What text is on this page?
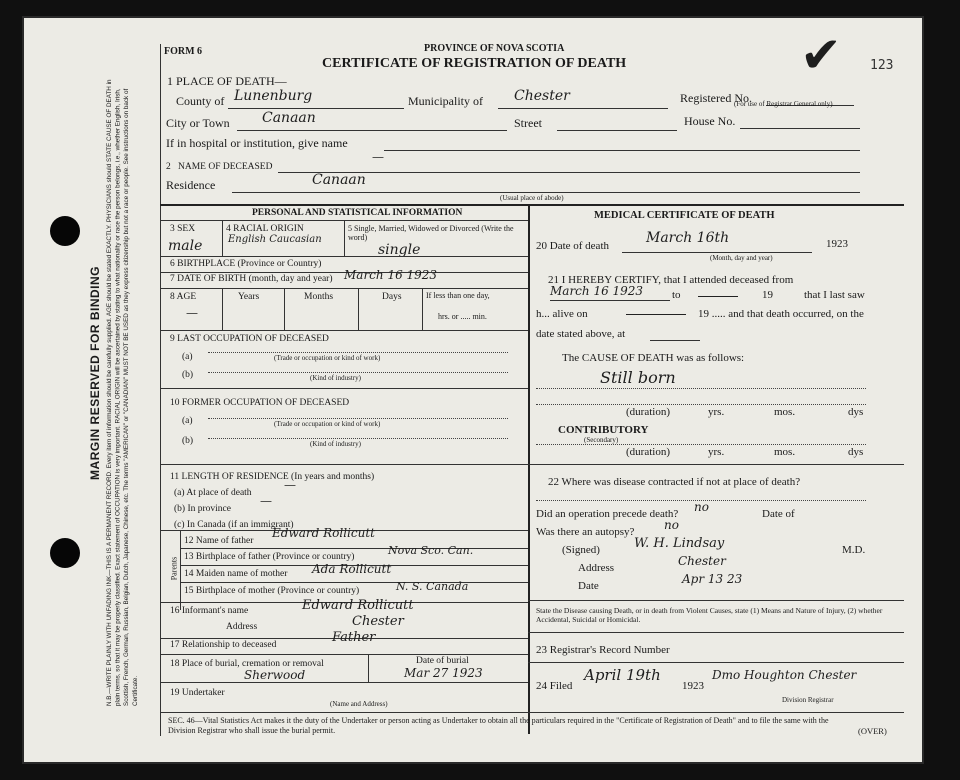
MARGIN RESERVED FOR BINDING N.B.—WRITE PLAINLY WITH UNFADING INK—THIS IS A PERMANENT RECORD. Every item of information should be carefully supplied. AGE should be stated EXACTLY. PHYSICIANS should STATE CAUSE OF DEATH in plain terms, so that it may be properly classified. Exact statement of OCCUPATION is very important. RACIAL ORIGIN will be ascertained by stating to what nationality or race the person belongs, i.e., whether English, Irish, Scottish, French, German, Russian, Belgian, Dutch, Japanese, Chinese, etc. The terms "AMERICAN" or "CANADIAN" MUST NOT BE USED as they express citizenship but not a race or people. See instructions on back of Certificate.
FORM 6	PROVINCE OF NOVA SCOTIA
CERTIFICATE OF REGISTRATION OF DEATH	✔ 123
1 PLACE OF DEATH—
County of Lunenburg	Municipality of Chester	Registered No.
(For use of Registrar General only)
City or Town Canaan	Street	House No.
If in hospital or institution, give name
—
2 NAME OF DECEASED
Residence	Canaan
(Usual place of abode)
PERSONAL AND STATISTICAL INFORMATION
3 SEX
male
4 RACIAL ORIGIN
English Caucasian
5 Single, Married, Widowed or Divorced (Write the word)
single
6 BIRTHPLACE (Province or Country)
7 DATE OF BIRTH (month, day and year) March 16 1923
8 AGE
—
Years	Months	Days	If less than one day,
hrs. or ..... min.
9 LAST OCCUPATION OF DECEASED
(a)	(Trade or occupation or kind of work)
(b)	(Kind of industry)
10 FORMER OCCUPATION OF DECEASED
(a)	(Trade or occupation or kind of work)
(b)	(Kind of industry)
11 LENGTH OF RESIDENCE (In years and months)
(a) At place of death
—
(b) In province
—
(c) In Canada (if an immigrant)
Parents
12 Name of father
Edward Rollicutt
13 Birthplace of father (Province or country)	Nova Sco. Can.
14 Maiden name of mother Ada Rollicutt
15 Birthplace of mother (Province or country)	N. S. Canada
16 Informant's name	Edward Rollicutt
Address	Chester
17 Relationship to deceased	Father
18 Place of burial, cremation or removal
Sherwood
Date of burial
Mar 27 1923
19 Undertaker
(Name and Address)
MEDICAL CERTIFICATE OF DEATH
20 Date of death	March 16th	1923
(Month, day and year)
21 I HEREBY CERTIFY, that I attended deceased from
March 16 1923	to	19	that I last saw
h... alive on	19 ..... and that death occurred, on the
date stated above, at
The CAUSE OF DEATH was as follows:
Still born
(duration)	yrs.	mos.	dys
CONTRIBUTORY
(Secondary)
(duration)	yrs.	mos.	dys
22 Where was disease contracted if not at place of death?
Did an operation precede death? no	Date of
Was there an autopsy? no
(Signed)	W. H. Lindsay	M.D.
Address	Chester
Date	Apr 13 23
State the Disease causing Death, or in death from Violent Causes, state (1) Means and Nature of Injury, (2) whether Accidental, Suicidal or Homicidal.
23 Registrar's Record Number
24 Filed
April 19th
1923
Dmo Houghton Chester
Division Registrar
SEC. 46—Vital Statistics Act makes it the duty of the Undertaker or person acting as Undertaker to obtain all the particulars required in the "Certificate of Registration of Death" and to file the same with the Division Registrar who shall issue the burial permit.	(OVER)
